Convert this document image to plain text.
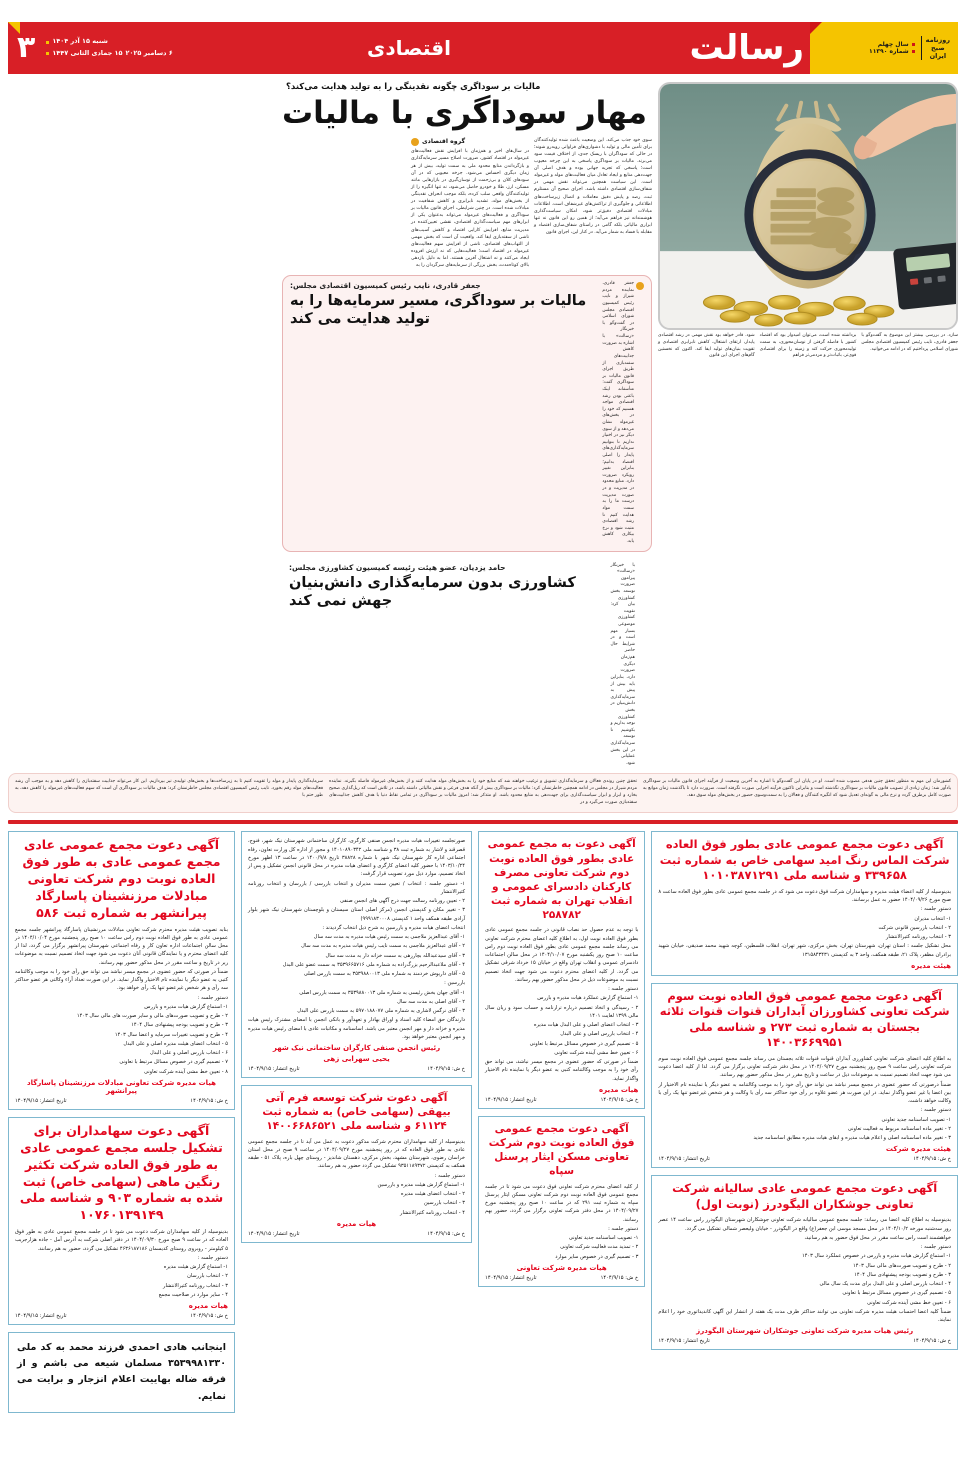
روزنامه
صبح
ایران
سال چهلم
شماره ۱۱۳۹۰
رسالت
اقتصادی
شنبه ۱۵ آذر ۱۴۰۴
۶ دسامبر ۲۰۲۵
۱۵ جمادی الثانی ۱۴۴۷
۳
سازد. در بررسی بیشتر این موضوع به گفت‌وگو با جعفر قادری، نایب رئیس کمیسیون اقتصادی مجلس شورای اسلامی پرداختیم که در ادامه می‌خوانید.
برداشته شده است، می‌توان امیدوار بود که اقتصاد کشور با فاصله گرفتن از نوسان‌محوری، به سمت تولیدمحوری حرکت کند و زمینه را برای اقتصادی قوی‌تر، باثبات‌تر و مردمی‌تر فراهم
شود. قادر خواهد بود نقش مهمی در رشد اقتصادی پایدار، ارتقای اشتغال، کاهش نابرابری اقتصادی و تقویت بنیان‌های تولید ایفا کند. اکنون که نخستین گام‌های اجرای این قانون
مالیات بر سوداگری چگونه نقدینگی را به تولید هدایت می‌کند؟
مهار سوداگری با مالیات
سوی خود جذب می‌کند. این وضعیت باعث شده تولیدکنندگان برای تأمین مالی و تولید با دشواری‌های فراوانی روبه‌رو شوند؛ در حالی که سوداگران با ریسک جدی، از اختلاف قیمت سود می‌برند. مالیات بر سوداگری پاسخی به این چرخه معیوب است؛ پاسخی که تجربه جهانی بوده و هدف اصلی آن جهت‌دهی منابع و ایجاد تعادل میان فعالیت‌های مولد و غیرمولد است. این سیاست همچنین می‌تواند نقش مهمی در شفاف‌سازی اقتصادی داشته باشد. اجرای صحیح آن مستلزم ثبت، رصد و پایش دقیق معاملات و اتصال زیرساخت‌های اطلاعاتی و جلوگیری از تراکنش‌های غیرشفاف است. اطلاعات مبادلات اقتصادی دقیق‌تر شود، امکان سیاست‌گذاری هوشمندانه نیز فراهم می‌آید؛ از همین رو این قانون نه تنها ابزاری مالیاتی بلکه گامی در راستای شفاف‌سازی اقتصاد و مقابله با فساد به شمار می‌آید. در کنار این، اجرای قانون
گروه اقتصادی
در سال‌های اخیر و هم‌زمان با افزایش نقش فعالیت‌های غیرمولد در اقتصاد کشور، ضرورت اصلاح مسیر سرمایه‌گذاری و بازگرداندن منابع محدود ملی به سمت تولید، بیش از هر زمان دیگری احساس می‌شود. جرخه معیوبی که در آن سودهای کلان و بی‌زحمت از نوسان‌گیری در بازارهایی مانند مسکن، ارز، طلا و خودرو حاصل می‌شود، نه تنها انگیزه را از تولیدکنندگان واقعی سلب کرده، بلکه موجب انحراف نقدینگی از بخش‌های مولد، تشدید نابرابری و کاهش شفافیت در مبادلات شده است. در چنین شرایطی، اجرای قانون مالیات بر سوداگری و فعالیت‌های غیرمولد می‌تواند به‌عنوان یکی از ابزارهای مهم سیاست‌گذاری اقتصادی، نقشی تعیین‌کننده در مدیریت منابع، افزایش کارایی اقتصاد و کاهش آسیب‌های ناشی از سفته‌بازی ایفا کند. واقعیت آن است که بخش مهمی از التهاب‌های اقتصادی، ناشی از افزایش سهم فعالیت‌های غیرمولد در اقتصاد است؛ فعالیت‌هایی که نه ارزش افزوده ایجاد می‌کنند و نه اشتغال آفرین هستند. اما به دلیل بازدهی بالای کوتاه‌مدت، بخش بزرگی از سرمایه‌های سرگردان را به
جعفر قادری، نماینده مردم شیراز و نایب رئیس کمیسیون اقتصادی مجلس شورای اسلامی در گفت‌وگو با خبرنگار «رسالت» با اشاره به ضرورت کاهش جذابیت‌های سفته‌بازی از طریق اجرای قانون مالیات بر سوداگری گفت: متأسفانه اینک باعثی بودن رشد اقتصادی مواجه هستیم که خود را در بخش‌های غیرمولد نشان می‌دهد و از سوی دیگر نیز در اختیار نداریم تا بتوانیم سرمایه‌گذاری‌های پایدار را اصلی اقتصاد بدانیم؛ بنابراین تغییر رویکرد ضرورت دارد. منابع محدود در مدیریت و در صورت مدیریت درست ما را به سمت مواد هدایت کنیم تا رشد اقتصادی مثبت شود و نرخ بیکاری کاهش یابد.
جعفر قادری، نایب رئیس کمیسیون اقتصادی مجلس:
مالیات بر سوداگری، مسیر سرمایه‌ها را به تولید هدایت می کند
با خبرنگار «رسالت» پیرامون ضرورت توسعه بخش کشاورزی بیان کرد: تقویت کشاورزی موضوعی بسیار مهم است و در شرایط حال حاضر هم‌زمان دیگری ضرورت دارد، بنابراین باید بیش از پیش به سرمایه‌گذاری دانش‌بنیان در بخش کشاورزی توجه بداریم و بکوشیم تا توسعه سرمایه‌گذاری در این بخش عملیاتی شود.
حامد یزدیان، عضو هیئت رئیسه کمیسیون کشاورزی مجلس:
کشاورزی بدون سرمایه‌گذاری دانش‌بنیان جهش نمی کند
کشورمان این مهم به منظور تحقق چنین هدفی مصوب شده است. او در پایان این گفت‌وگو با اشاره به آخرین وضعیت از فرآیند اجرای قانون مالیات بر سوداگری یادآور شد: زمان زیادی از تصویب قانون مالیات بر سوداگری نگذشته است و بنابراین تاکنون فرآیند اجرایی صورت نگرفته است. ضرورت دارد تا باگذشت زمان موانع به صورت کامل برطرف گردد و نرخ مالی به گونه‌ای تعدیل شود که انگیزه کنندگان و فعالان را به سمت‌وسوی حضور در بخش‌های مولد سوق دهد.
تحقق چنین روندی فعالان و سرمایه‌گذاری تشویق و ترغیب خواهند شد که منابع خود را به بخش‌های مولد هدایت کنند و از بخش‌های غیرمولد فاصله بگیرند. نماینده مردم شیراز در مجلس در ادامه همچنین خاطرنشان کرد: مالیات بر سوداگری بیش از آنکه هدف فرعی و نقش مالیاتی داشته باشد، در تلاش است که ریل‌گذاری صحیح بخارد و ابزار و ابزار سیاست‌گذاری برای جهت‌دهی به منابع محدود باشد. او متذکر شد: امروز مالیات بر سوداگری در تمامی نقاط دنیا با هدف کاهش جذابیت‌های سفته‌بازی صورت می‌گیرد و در
سرمایه‌گذاری پایدار و مولد را تقویت کنیم تا به زیرساخت‌ها و بخش‌های تولیدی نیز بپردازیم. این کار می‌تواند جذابیت سفته‌بازی را کاهش دهد و به موجب آن رشد فعالیت‌های مولد رقم بخورد. نایب رئیس کمیسیون اقتصادی مجلس خاطرنشان کرد: هدف مالیات بر سوداگری آن است که سهم فعالیت‌های غیرمولد را کاهش دهد، به طور حتم با
آگهی دعوت مجمع عمومی عادی بطور فوق العاده شرکت الماس رنگ امید سهامی خاص به شماره ثبت ۳۳۹۶۵۸ و شناسه ملی ۱۰۱۰۳۸۷۱۲۹۱

بدینوسیله از کلیه اعضاء هیئت مدیره و سهامداران شرکت فوق دعوت می شود که در جلسه مجمع عمومی عادی بطور فوق العاده ساعت ۸ صبح مورخ ۱۴۰۴/۰۹/۲۶ حضور به عمل برسانند.

دستور جلسه :

۱- انتخاب مدیران

۲ - انتخاب بازرسین قانونی شرکت

۳ - انتخاب روزنامه کثیرالانتشار

محل تشکیل جلسه : استان تهران، شهرستان تهران، بخش مرکزی، شهر تهران، انقلاب فلسطین، کوچه شهید محمد صدیقی، خیابان شهید برادران مظفر، پلاک ۲۱، طبقه همکف، واحد ۳ به کدپستی ۱۳۱۵۸۴۳۴۳۱

هیئت مدیره
آگهی دعوت مجمع عمومی فوق العاده نوبت سوم شرکت تعاونی کشاورزان آبداران قنوات قنوات ثلاثه بجستان به شماره ثبت ۲۷۳ و شناسه ملی ۱۴۰۰۳۶۶۹۹۵۱

به اطلاع کلیه اعضای شرکت تعاونی کشاورزی آبداران قنوات قنوات ثلاثه بجستان می رساند جلسه مجمع عمومی فوق العاده نوبت سوم شرکت تعاونی راس ساعت ۹ صبح روز پنجشنبه مورخ ۱۴۰۴/۰۹/۲۷ در محل دفتر شرکت تعاونی برگزار می گردد. لذا از کلیه اعضا دعوت می شود جهت اتخاذ تصمیم نسبت به موضوعات ذیل در ساعت و تاریخ مقرر در محل مذکور حضور بهم رسانند.

ضمناً درصورتی که حضور عضوی در مجمع میسر نباشد می تواند حق رأی خود را به موجب وکالتنامه به عضو دیگر یا نماینده تام الاختیار از بین اعضا یا غیر عضو واگذار نماید. در این صورت هر عضو علاوه بر رأی خود حداکثر سه رأی با وکالت و هر شخص غیرعضو تنها یک رأی با وکالت خواهد داشت.

دستور جلسه :

۱- تصویب اساسنامه جدید تعاونی

۲ - تغییر ماده اساسنامه مربوط به فعالیت تعاونی

۳ - تغییر ماده اساسنامه اصلی و اعلام هیات مدیره و ابقای هیات مدیره مطابق اساسنامه جدید

هیئت مدیره شرکت
خ ش: ۱۴۰۴/۹/۱۵
تاریخ انتشار: ۱۴۰۴/۹/۱۵
آگهی دعوت مجمع عمومی عادی سالیانه شرکت تعاونی جوشکاران الیگودرز (نوبت اول)

بدینوسیله به اطلاع کلیه اعضا می رساند: جلسه مجمع عمومی سالیانه شرکت تعاونی جوشکاران شهرستان الیگودرز راس ساعت ۱۴ عصر روز سه‌شنبه مورخه ۱۴۰۴/۱۰/۲ در محل مسجد موسی ابن جعفر(ع) واقع در الیگودرز - خیابان ولیعصر شمالی تشکیل می گردد.

خواهشمند است راس ساعت مقرر در محل فوق حضور به هم رسانید،

دستور جلسه :

۱- استماع گزارش هیات مدیره و بازرس در خصوص عملکرد سال ۱۴۰۳

۲ - طرح و تصویب صورت‌های مالی سال ۱۴۰۳

۳ - طرح و تصویب بودجه پیشنهادی سال ۱۴۰۴

۴ - انتخاب بازرس اصلی و علی البدل برای مدت یک سال مالی

۵ - تصمیم گیری در خصوص مسائل مرتبط با تعاونی

۶ - تعیین خط مشی آینده شرکت تعاونی

ضمناً کلیه اعضا احتساب هیئت مدیره شرکت تعاونی می توانند حداکثر ظرف مدت یک هفته از انتشار این آگهی کاندیداتوری خود را اعلام نمایند.

رئیس هیات مدیره شرکت تعاونی جوشکاران شهرستان الیگودرز
خ ش: ۱۴۰۴/۹/۱۵
تاریخ انتشار: ۱۴۰۴/۹/۱۵
آگهی دعوت به مجمع عمومی عادی بطور فوق العاده نوبت دوم شرکت تعاونی مصرف کارکنان دادسرای عمومی و انقلاب تهران به شماره ثبت ۲۵۸۷۸۲

با توجه به عدم حصول حد نصاب قانونی در جلسه مجمع عمومی عادی بطور فوق العاده نوبت اول، به اطلاع کلیه اعضای محترم شرکت تعاونی می رساند جلسه مجمع عمومی عادی بطور فوق العاده نوبت دوم راس ساعت ۱۰ صبح روز یکشنبه مورخ ۱۴۰۴/۱۰/۰۷ در محل سالن اجتماعات دادسرای عمومی و انقلاب تهران واقع در خیابان ۱۵ خرداد شرقی تشکیل می گردد. از کلیه اعضای محترم دعوت می شود جهت اتخاذ تصمیم نسبت به موضوعات ذیل در محل مذکور حضور بهم رسانند.

دستور جلسه :

۱- استماع گزارش عملکرد هیات مدیره و بازرس

۲ - رسیدگی و اتخاذ تصمیم درباره ترازنامه و حساب سود و زیان سال مالی ۱۳۹۹ لغایت ۱۴۰۱

۳ - انتخاب اعضای اصلی و علی البدل هیات مدیره

۴ - انتخاب بازرس اصلی و علی البدل

۵ - تصمیم گیری در خصوص مسائل مرتبط با تعاونی

۶ - تعیین خط مشی آینده شرکت تعاونی

ضمناً در صورتی که حضور عضوی در مجمع میسر نباشد، می تواند حق رأی خود را به موجب وکالتنامه کتبی به عضو دیگر یا نماینده تام الاختیار واگذار نماید.

هیات مدیره
خ ش: ۱۴۰۴/۹/۱۵
تاریخ انتشار: ۱۴۰۴/۹/۱۵
آگهی دعوت مجمع عمومی فوق العاده نوبت دوم شرکت تعاونی مسکن ایثار پرسنل سپاه

از کلیه اعضای محترم شرکت تعاونی فوق دعوت می شود تا در جلسه مجمع عمومی فوق العاده نوبت دوم شرکت تعاونی مسکن ایثار پرسنل سپاه به شماره ثبت ۲۹۱ که در ساعت ۱۰ صبح روز پنجشنبه مورخ ۱۴۰۴/۰۹/۲۷ در محل دفتر شرکت تعاونی برگزار می گردد، حضور بهم رسانند.

دستور جلسه :

۱- تصویب اساسنامه جدید تعاونی

۲ - تمدید مدت فعالیت شرکت تعاونی

۳ - تصمیم گیری در خصوص سایر موارد

هیات مدیره شرکت تعاونی
خ ش: ۱۴۰۴/۹/۱۵
تاریخ انتشار: ۱۴۰۴/۹/۱۵

صورتجلسه تغییرات هیات مدیره انجمن صنفی کارگری، کارگران ساختمانی شهرستان نیک شهر، فنوج، قصرقند و لاشار به شماره ثبت ۳۸ و شناسه ملی ۱۴۰۱۰۸۹۰۳۴۲ و مجوز از اداره کل وزارت تعاون، رفاه اجتماعی اداره کار شهرستان نیک شهر با شماره ۳۸۸۲۸ تاریخ ۱۴۰۰/۹/۸ در ساعت ۱۳ اظهر مورخ ۱۴۰۳/۱۰/۲۴ با حضور کلیه اعضای کارگری و اعضای هیات مدیره در محل قانونی انجمن تشکیل و پس از اتخاذ تصمیم، موارد ذیل مورد تصویب قرار گرفت:

۱- دستور جلسه : انتخاب / تعیین سمت مدیران و انتخاب بازرسی / بازرسان و انتخاب روزنامه کثیرالانتشار

۲ - تعیین روزنامه رسالت جهت درج آگهی های انجمن صنفی

۳ - تغییر مکان و کدپستی انجمن (مرکز اصلی استان سیستان و بلوچستان شهرستان نیک شهر بلوار آزادی طبقه همکف واحد ۱ کدپستی ۹۹۹۱۸۳۰۰۰۸)

انتخاب اعضای هیات مدیره و بازرسین به شرح ذیل انتخاب گردیدند :

۱- آقای عبدالعزیز ملاجمی به سمت رئیس هیات مدیره به مدت سه سال

۲ - آقای عبدالعزیز ملاجمی به سمت نایب رئیس هیات مدیره به مدت سه سال

۳ - آقای سیدعبدالله بچارزهی به سمت خزانه دار به مدت سه سال

۴ - آقای ملاعبدالرحیم بزرگ‌زاده به شماره ملی ۳۵۳۹۶۶۵۷۱۶ به سمت عضو علی البدل

۵ - آقای داریوش خردمند به شماره ملی ۳۵۳۹۸۸۰۰۱۳ به سمت بازرس اصلی

بازرسین :

۱- آقای جهان بخش رئیسی به شماره ملی ۳۵۳۹۸۸۰۰۱۳ به سمت بازرس اصلی

۲ - آقای اصلی به مدت سه سال

۳ - آقای نرگس لاشاری به شماره ملی ۵۹۷۰۱۸۸۰۷۷ به سمت بازرس علی البدل

دارندگان حق امضاء کلیه اسناد و اوراق بهادار و تعهدآور و بانکی انجمن با امضای مشترک رئیس هیات مدیره و خزانه دار و مهر انجمن معتبر می باشد. اساسنامه و مکاتبات عادی با امضای رئیس هیات مدیره و مهر انجمن معتبر خواهد بود.

رئیس انجمن صنفی کارگران ساختمانی نیک شهر
یحیی سهرابی زهی
خ ش: ۱۴۰۴/۹/۱۵
تاریخ انتشار: ۱۴۰۴/۹/۱۵
آگهی دعوت شرکت توسعه فرم آتی بیهقی (سهامی خاص) به شماره ثبت ۶۱۱۲۴ و شناسه ملی ۱۴۰۰۶۶۸۶۵۲۱

بدینوسیله از کلیه سهامداران محترم شرکت مذکور دعوت به عمل می آید تا در جلسه مجمع عمومی عادی به طور فوق العاده که در روز پنجشنبه مورخ ۱۴۰۴/۰۹/۲۷ در ساعت ۹ صبح در محل استان خراسان رضوی، شهرستان مشهد، بخش مرکزی، دهستان شاندیز - روستای چهل بازه، پلاک ۵۱ - طبقه همکف به کدپستی ۹۳۵۱۱۸۹۳۷۲ تشکیل می گردد حضور به هم رسانند.

دستور جلسه :

۱- استماع گزارش هیئت مدیره و بازرسین

۲ - انتخاب اعضای هیئت مدیره

۳ - انتخاب بازرسین

۴ - انتخاب روزنامه کثیرالانتشار

هیات مدیره
خ ش: ۱۴۰۴/۹/۱۵
تاریخ انتشار: ۱۴۰۴/۹/۱۵
آگهی دعوت مجمع عمومی عادی مجمع عمومی عادی به طور فوق العاده نوبت دوم شرکت تعاونی مبادلات مرزنشینان پاسارگاد پیرانشهر به شماره ثبت ۵۸۶

بنابه تصویب هیئت مدیره محترم شرکت تعاونی مبادلات مرزنشینان پاسارگاد پیرانشهر جلسه مجمع عمومی عادی به طور فوق العاده نوبت دوم راس ساعت ۱۰ صبح روز پنجشنبه مورخ ۱۴۰۴/۱۰/۰۴ در محل سالن اجتماعات اداره تعاون کار و رفاه اجتماعی شهرستان پیرانشهر برگزار می گردد، لذا از کلیه اعضای محترم و یا نمایندگان قانونی آنان دعوت می شود جهت اتخاذ تصمیم نسبت به موضوعات زیر در تاریخ و ساعت مقرر در محل مذکور حضور بهم رسانند.

ضمناً در صورتی که حضور عضوی در مجمع میسر نباشد می تواند حق رأی خود را به موجب وکالتنامه کتبی به عضو دیگر یا نماینده تام الاختیار واگذار نماید. در این صورت تعداد آراء وکالتی هر عضو حداکثر سه رأی و هر شخص غیرعضو تنها یک رأی خواهد بود.

دستور جلسه :

۱- استماع گزارش هیات مدیره و بازرس

۲ - طرح و تصویب صورت‌های مالی و سایر صورت های مالی سال ۱۴۰۳

۳ - طرح و تصویب بودجه پیشنهادی سال ۱۴۰۴

۴ - طرح و تصویب تغییرات سرمایه و اعضا سال ۱۴۰۳

۵ - انتخاب اعضای هیئت مدیره اصلی و علی البدل

۶ - انتخاب بازرس اصلی و علی البدل

۷ - تصمیم گیری در خصوص مسائل مرتبط با تعاونی

۸ - تعیین خط مشی آینده شرکت تعاونی

هیات مدیره شرکت تعاونی مبادلات مرزنشینان پاسارگاد پیرانشهر
خ ش: ۱۴۰۴/۹/۱۵
تاریخ انتشار: ۱۴۰۴/۹/۱۵
آگهی دعوت سهامداران برای تشکیل جلسه مجمع عمومی عادی به طور فوق العاده شرکت تکثیر رنگین ماهی (سهامی خاص) ثبت شده به شماره ۹۰۳ و شناسه ملی ۱۰۷۶۰۱۳۹۱۴۹

بدینوسیله از کلیه سهامداران شرکت دعوت می شود تا در جلسه مجمع عمومی عادی به طور فوق العاده که در ساعت ۹ صبح مورخ ۱۴۰۴/۰۹/۳۰ در دفتر اصلی شرکت به آدرس آمل - جاده هزارجریب ۵ کیلومتر - روبروی روستای کدیسمان ۴۶۳۶۱۸۷۱۸۶ تشکیل می گردد، حضور به هم رسانند.

دستور جلسه :

۱- استماع گزارش هیئت مدیره

۲ - انتخاب بازرسان

۳ - انتخاب روزنامه کثیرالانتشار

۴ - سایر موارد در صلاحیت مجمع

هیات مدیره
خ ش: ۱۴۰۴/۹/۱۵
تاریخ انتشار: ۱۴۰۴/۹/۱۵
اینجانب هادی احمدی فرزند محمد به کد ملی ۳۵۳۹۹۸۱۳۳۰ مسلمان شیعه می باشم و از فرقه ضاله بهاییت اعلام انزجار و برایت می نمایم.
